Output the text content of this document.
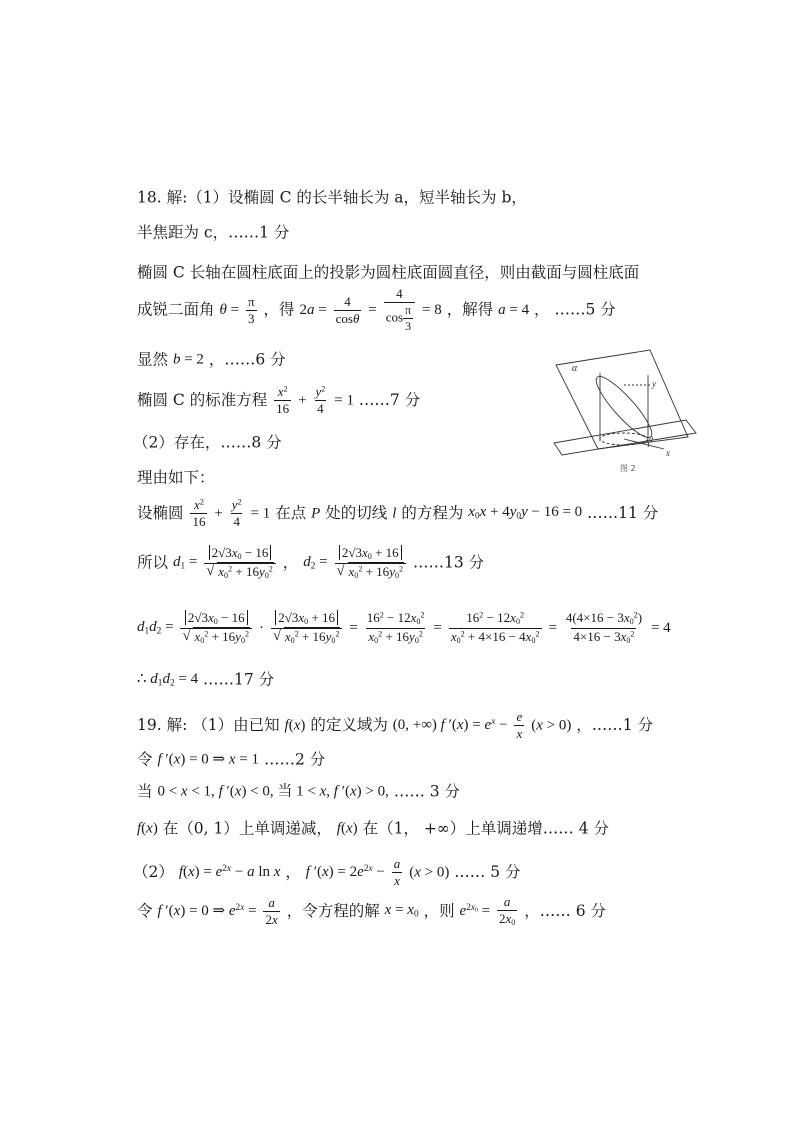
18. 解:（1）设椭圆 C 的长半轴长为 a，短半轴长为 b，
半焦距为 c，……1 分
椭圆 C 长轴在圆柱底面上的投影为圆柱底面圆直径，则由截面与圆柱底面
成锐二面角 $\theta = \frac{\pi}{3}$ ，得 $2a = \frac{4}{\cos\theta} = \frac{4}{\cos \frac{\pi}{3}} = 8$ ，解得 a = 4 ， ……5 分
显然 b = 2 ，……6 分
椭圆 C 的标准方程 $\frac{x^2}{16} + \frac{y^2}{4} = 1$ ……7 分
（2）存在，……8 分
理由如下：
设椭圆 $\frac{x^2}{16} + \frac{y^2}{4} = 1$ 在点 P 处的切线 l 的方程为 $x_0x + 4y_0y - 16 = 0$ ……11 分
所以 $d_1 = 2√3x_0 - 16$
√ $x_0^2 + 16y_0^2$ ， $d_2 = 2√3x_0 + 16$
√ $x_0^2 + 16y_0^2$ ……13 分
$d_1d_2 = 2√3x_0 - 16$
√ $x_0^2 + 16y_0^2 \cdot 2√3x_0 + 16$
√ $x_0^2 + 16y_0^2 = \frac{16^2 - 12x_0^2}{x_0^2 + 16y_0^2} = \frac{16^2 - 12x_0^2}{x_0^2 + 4\times 16 - 4x_0^2} = \frac{4(4\times 16 - 3x_0^2)}{4\times 16 - 3x_0^2} = 4$
∴ $d_1d_2 = 4$ ……17 分
19. 解: （1）由已知 f(x) 的定义域为 (0, +∞) f $'(x) = e^x - \frac{e}{x} (x > 0)$ ，……1 分
令 f ′(x) = 0 ⇒ x = 1 ……2 分
当 0 < x < 1, f ′(x) < 0, 当 1 < x, f ′(x) > 0, …… 3 分
f(x) 在（0, 1）上单调递减， f(x) 在（1， +∞）上单调递增…… 4 分
（2） $f(x) = e^{2x} - a$ ln x ， f $'(x) = 2e^{2x} - \frac{a}{x} (x > 0)$ …… 5 分
令 f ′(x) = 0 ⇒ $e^{2x} = \frac{a}{2x}$ ，令方程的解 $x = x_0$ ，则 $e^{2x_0} = \frac{a}{2x_0}$ ，…… 6 分
α
y
x
θ
图 2
